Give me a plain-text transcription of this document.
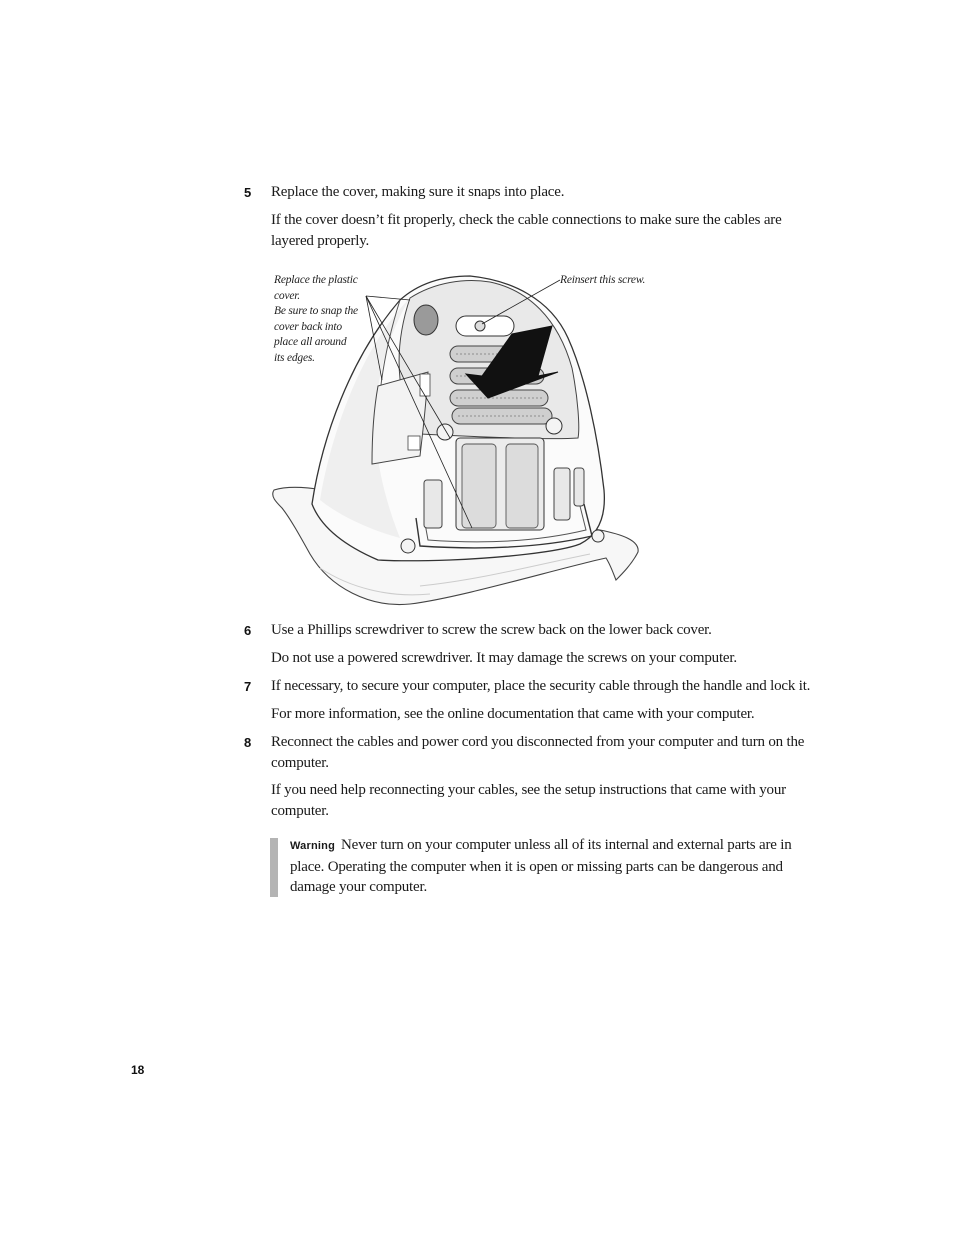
5 Replace the cover, making sure it snaps into place.
If the cover doesn’t fit properly, check the cable connections to make sure the cables are layered properly.
Replace the plastic cover.
Be sure to snap the
cover back into
place all around
its edges.
Reinsert this screw.
6 Use a Phillips screwdriver to screw the screw back on the lower back cover.
Do not use a powered screwdriver. It may damage the screws on your computer.
7 If necessary, to secure your computer, place the security cable through the handle and lock it.
For more information, see the online documentation that came with your computer.
8 Reconnect the cables and power cord you disconnected from your computer and turn on the computer.
If you need help reconnecting your cables, see the setup instructions that came with your computer.
Warning Never turn on your computer unless all of its internal and external parts are in place. Operating the computer when it is open or missing parts can be dangerous and damage your computer.
18
